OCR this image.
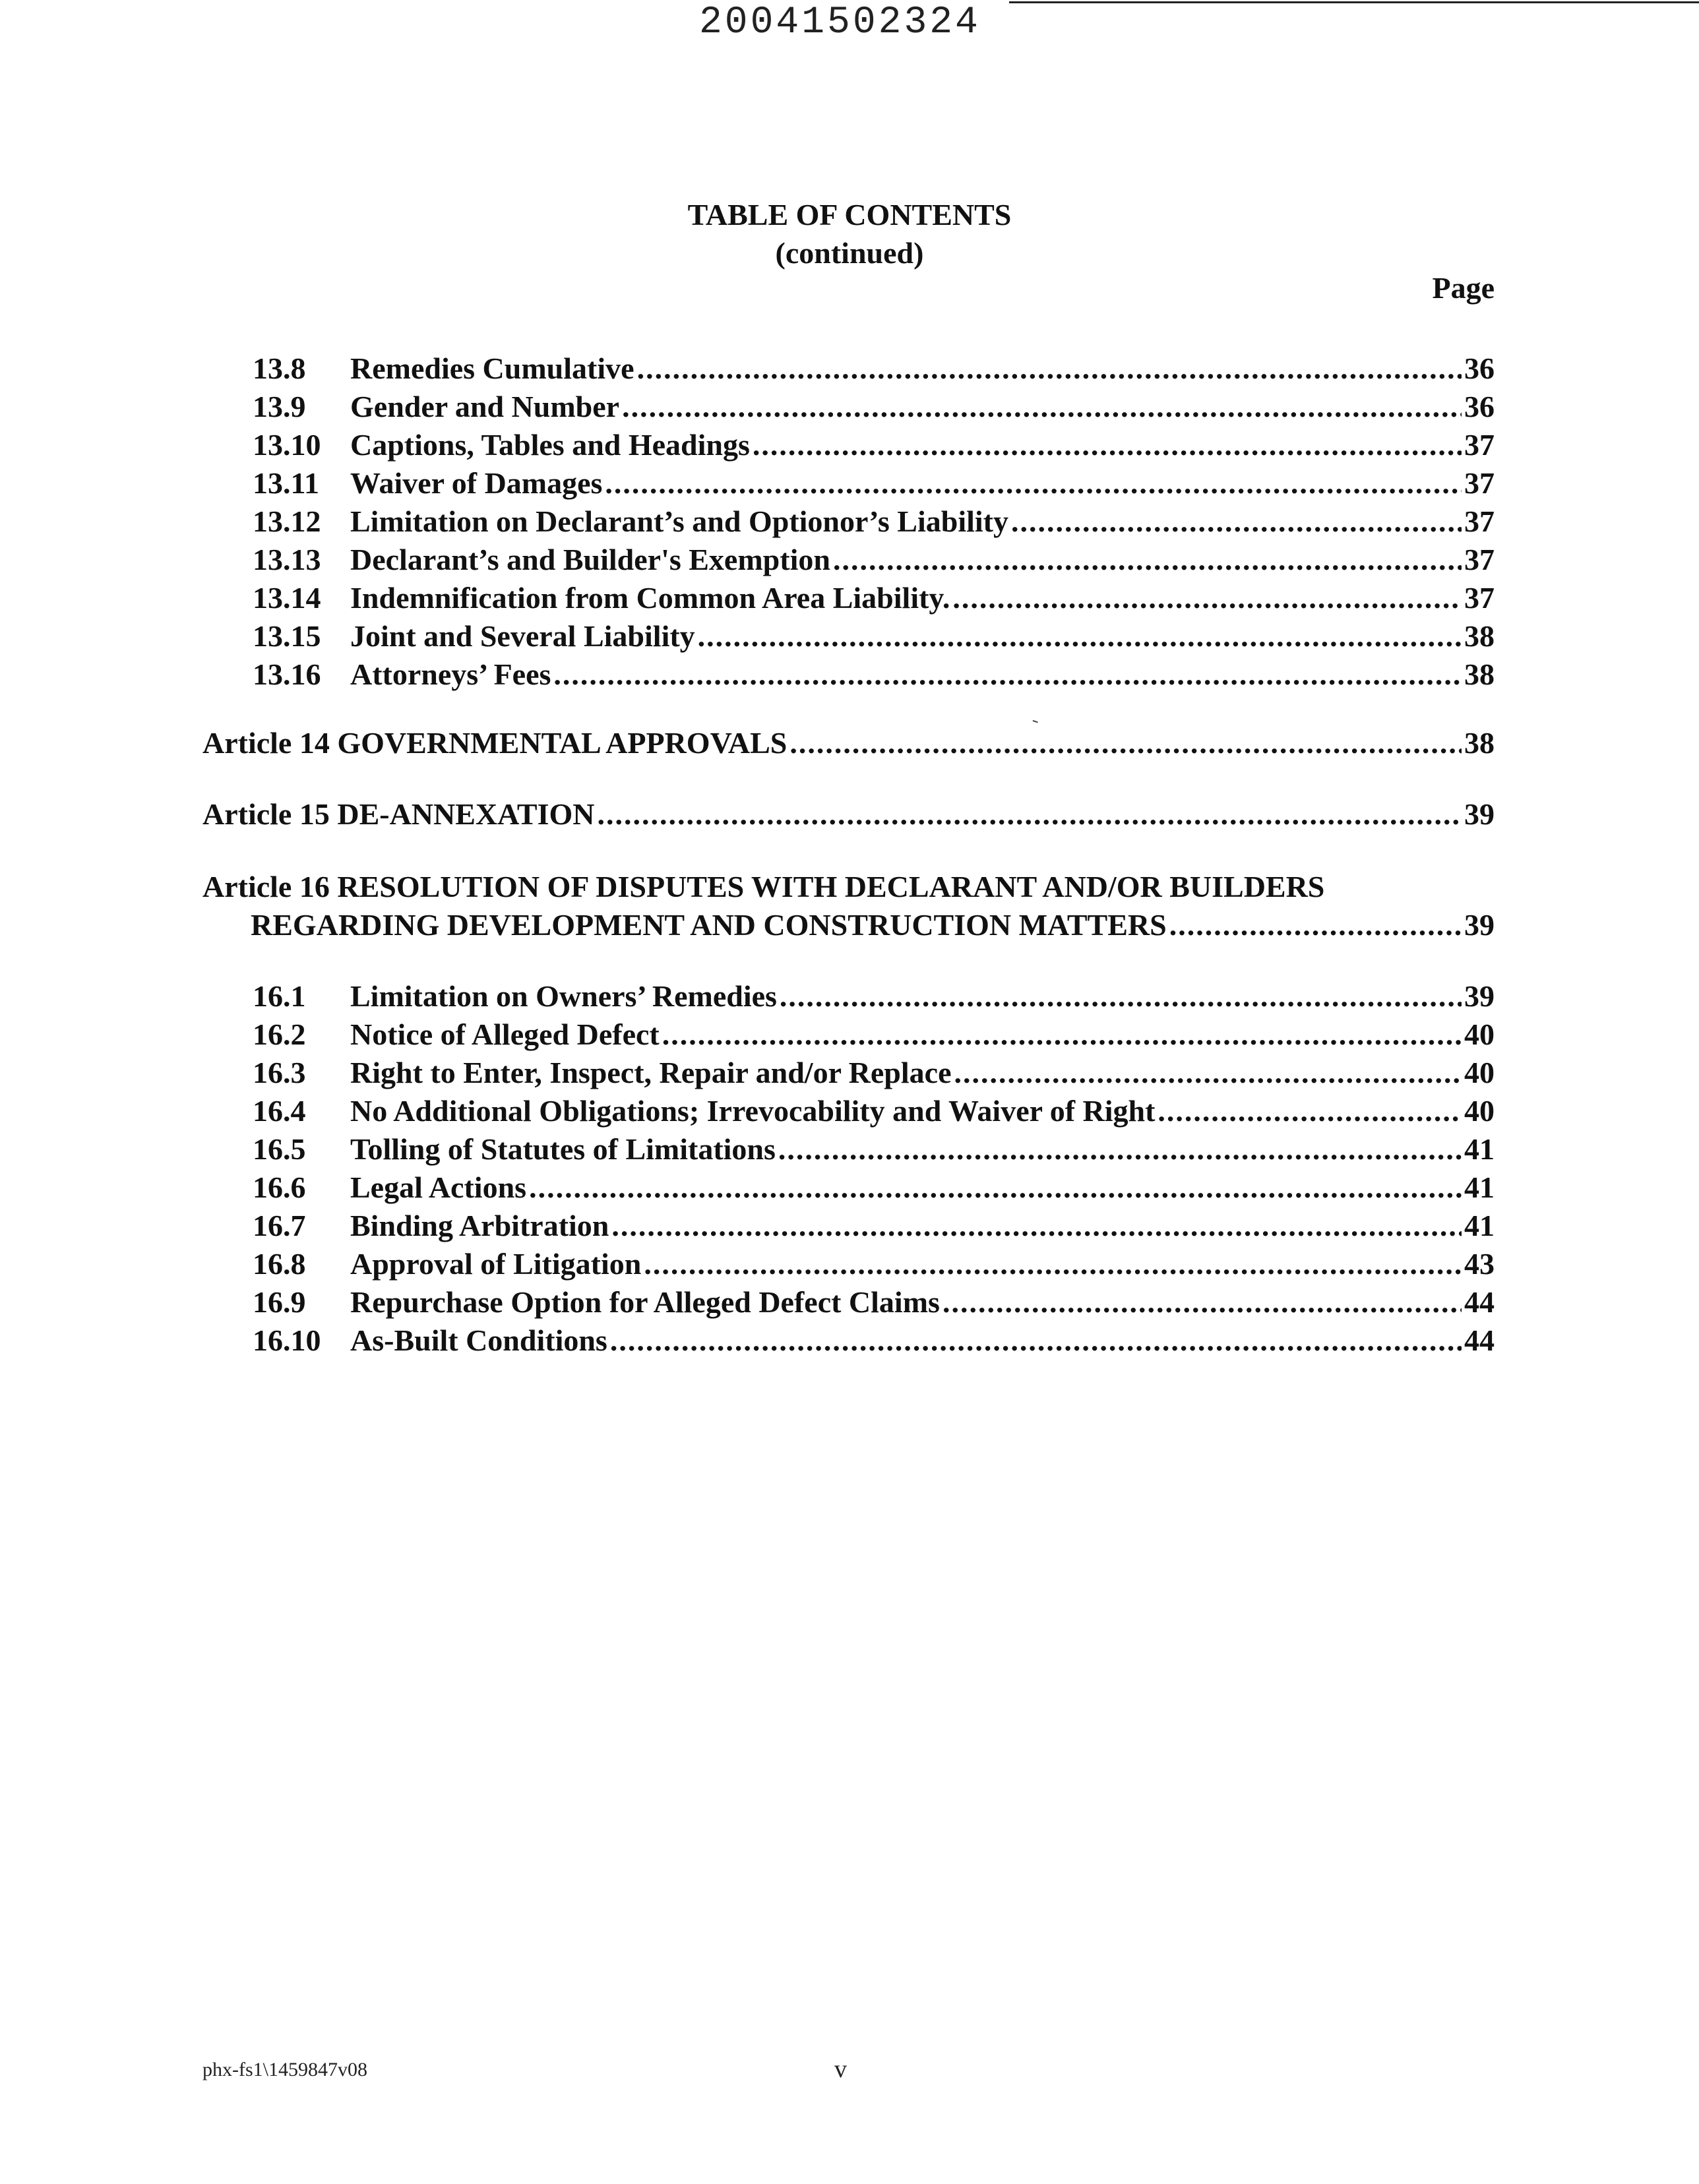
20041502324
TABLE OF CONTENTS
(continued)
Page
13.8	Remedies Cumulative .....	36
13.9	Gender and Number .....	36
13.10 Captions, Tables and Headings .....	37
13.11	Waiver of Damages .....	37
13.12 Limitation on Declarant’s and Optionor’s Liability .....	37
13.13 Declarant’s and Builder's Exemption .....	37
13.14 Indemnification from Common Area Liability. .....	37
13.15 Joint and Several Liability .....	38
13.16 Attorneys’ Fees .....	38
Article 14 GOVERNMENTAL APPROVALS .....	38
Article 15 DE-ANNEXATION .....	39
Article 16 RESOLUTION OF DISPUTES WITH DECLARANT AND/OR BUILDERS
REGARDING DEVELOPMENT AND CONSTRUCTION MATTERS .....	39
16.1	Limitation on Owners’ Remedies .....	39
16.2	Notice of Alleged Defect .....	40
16.3	Right to Enter, Inspect, Repair and/or Replace .....	40
16.4	No Additional Obligations; Irrevocability and Waiver of Right .....	40
16.5	Tolling of Statutes of Limitations .....	41
16.6	Legal Actions .....	41
16.7	Binding Arbitration .....	41
16.8	Approval of Litigation .....	43
16.9	Repurchase Option for Alleged Defect Claims .....	44
16.10 As-Built Conditions .....	44
phx-fs1\1459847v08	v
